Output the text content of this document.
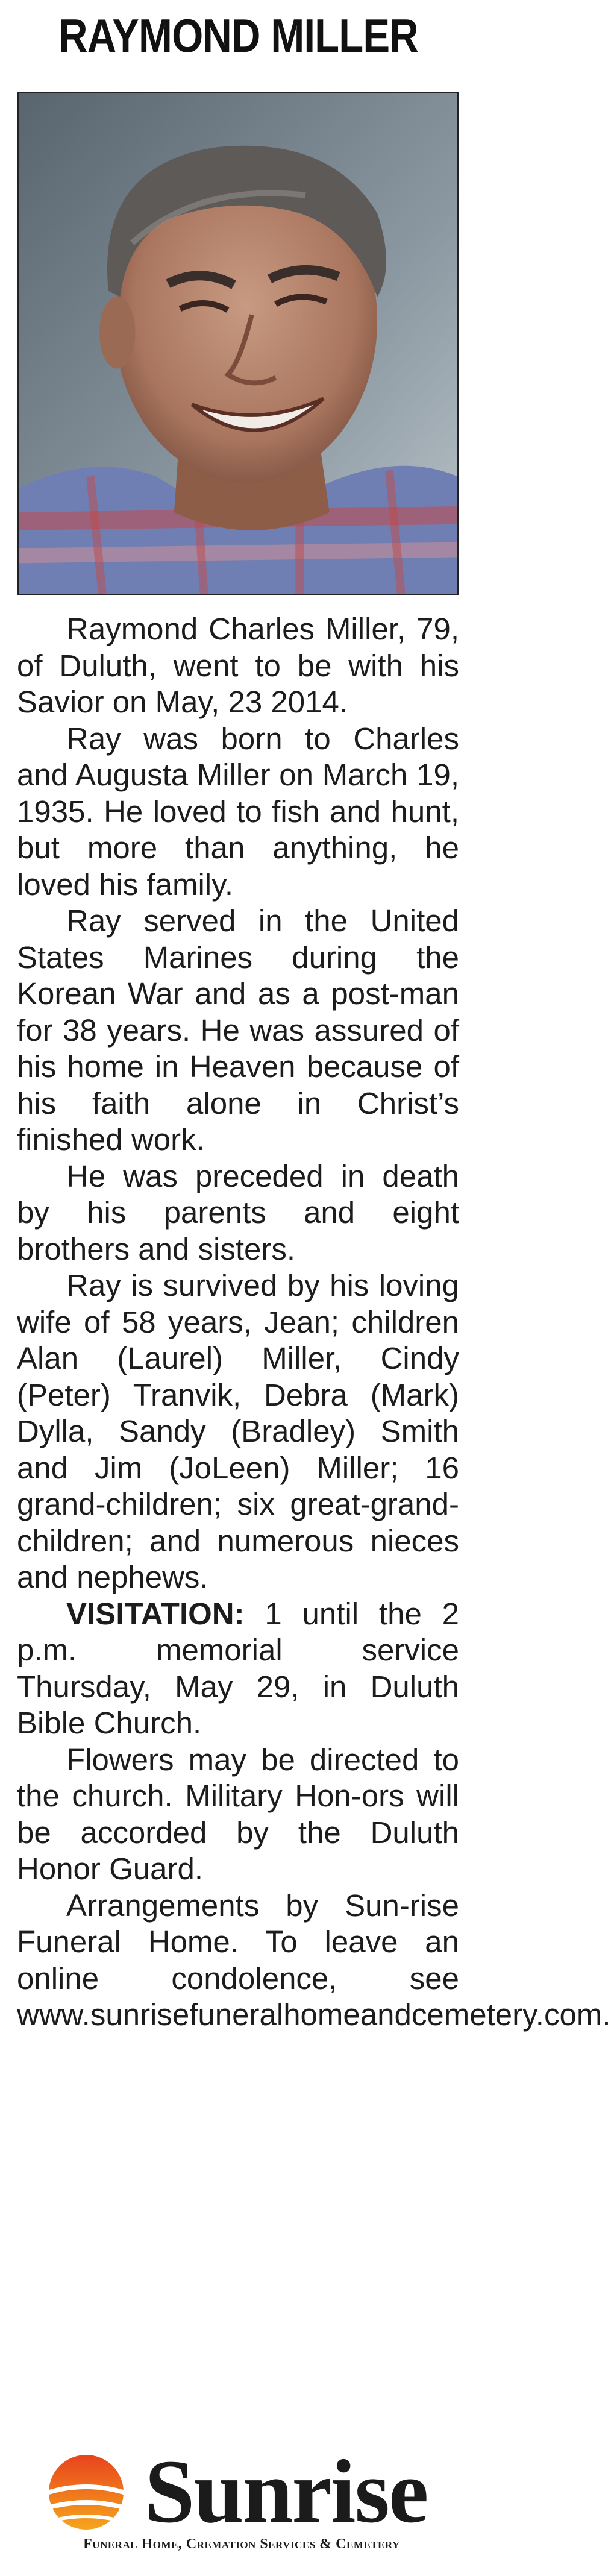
RAYMOND MILLER

Raymond Charles Miller, 79, of Duluth, went to be with his Savior on May, 23 2014.

Ray was born to Charles and Augusta Miller on March 19, 1935. He loved to fish and hunt, but more than anything, he loved his family.

Ray served in the United States Marines during the Korean War and as a post-man for 38 years. He was assured of his home in Heaven because of his faith alone in Christ’s finished work.

He was preceded in death by his parents and eight brothers and sisters.

Ray is survived by his loving wife of 58 years, Jean; children Alan (Laurel) Miller, Cindy (Peter) Tranvik, Debra (Mark) Dylla, Sandy (Bradley) Smith and Jim (JoLeen) Miller; 16 grand-children; six great-grand-children; and numerous nieces and nephews.

VISITATION: 1 until the 2 p.m. memorial service Thursday, May 29, in Duluth Bible Church.

Flowers may be directed to the church. Military Hon-ors will be accorded by the Duluth Honor Guard.

Arrangements by Sun-rise Funeral Home. To leave an online condolence, see www.sunrisefuneralhomeandcemetery.com.

Sunrise
Funeral Home, Cremation Services & Cemetery
